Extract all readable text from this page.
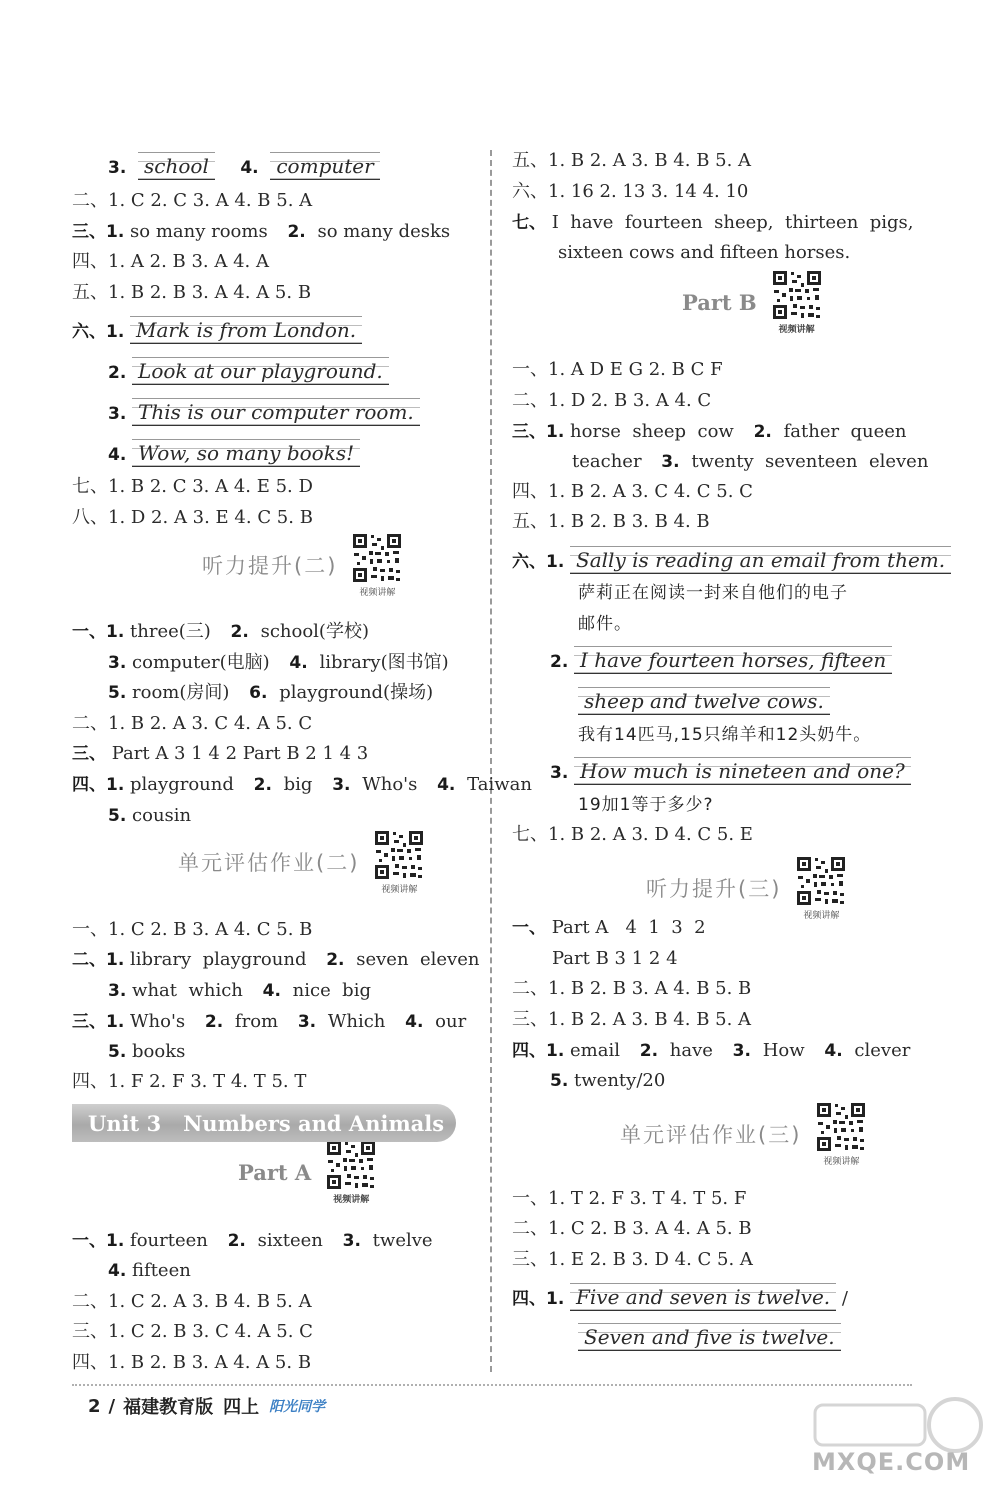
3. school 4. computer
二、1. C 2. C 3. A 4. B 5. A
三、1. so many rooms 2. so many desks
四、1. A 2. B 3. A 4. A
五、1. B 2. B 3. A 4. A 5. B
六、1. Mark is from London.
2. Look at our playground.
3. This is our computer room.
4. Wow, so many books!
七、1. B 2. C 3. A 4. E 5. D
八、1. D 2. A 3. E 4. C 5. B
听力提升(二)
视频讲解
一、1. three(三) 2. school(学校)
3. computer(电脑) 4. library(图书馆)
5. room(房间) 6. playground(操场)
二、1. B 2. A 3. C 4. A 5. C
三、 Part A 3 1 4 2 Part B 2 1 4 3
四、1. playground 2. big 3. Who's 4. Taiwan
5. cousin
单元评估作业(二)
视频讲解
一、1. C 2. B 3. A 4. C 5. B
二、1. library  playground 2. seven  eleven
3. what  which 4. nice  big
三、1. Who's 2. from 3. Which 4. our
5. books
四、1. F 2. F 3. T 4. T 5. T
Part A
视频讲解
一、1. fourteen 2. sixteen 3. twelve
4. fifteen
二、1. C 2. A 3. B 4. B 5. A
三、1. C 2. B 3. C 4. A 5. C
四、1. B 2. B 3. A 4. A 5. B
Unit 3   Numbers and Animals
五、1. B 2. A 3. B 4. B 5. A
六、1. 16 2. 13 3. 14 4. 10
七、 I  have  fourteen  sheep,  thirteen  pigs,
sixteen cows and fifteen horses.
Part B
视频讲解
一、1. A D E G 2. B C F
二、1. D 2. B 3. A 4. C
三、1. horse  sheep  cow 2. father  queen
teacher 3. twenty  seventeen  eleven
四、1. B 2. A 3. C 4. C 5. C
五、1. B 2. B 3. B 4. B
六、1. Sally is reading an email from them.
萨莉正在阅读一封来自他们的电子
邮件。
2. I have fourteen horses, fifteen
sheep and twelve cows.
我有14匹马,15只绵羊和12头奶牛。
3. How much is nineteen and one?
19加1等于多少?
七、1. B 2. A 3. D 4. C 5. E
听力提升(三)
视频讲解
一、 Part A   4  1  3  2
Part B 3 1 2 4
二、1. B 2. B 3. A 4. B 5. B
三、1. B 2. A 3. B 4. B 5. A
四、1. email 2. have 3. How 4. clever
5. twenty/20
单元评估作业(三)
视频讲解
一、1. T 2. F 3. T 4. T 5. F
二、1. C 2. B 3. A 4. A 5. B
三、1. E 2. B 3. D 4. C 5. A
四、1. Five and seven is twelve. /
Seven and five is twelve.
2 / 福建教育版 四上 阳光同学
MXQE.COM
